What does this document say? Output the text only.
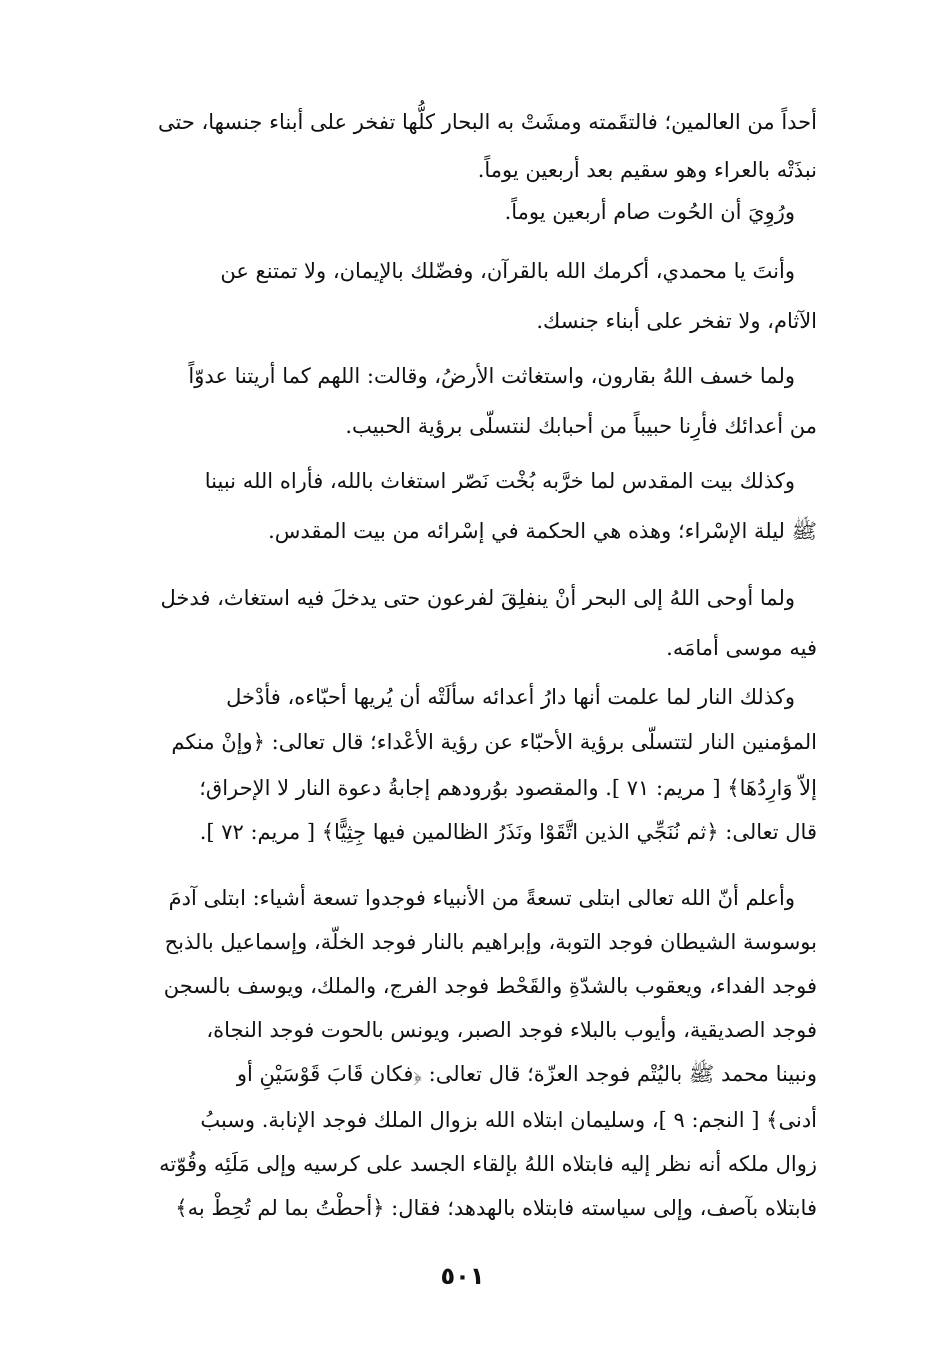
أحداً من العالمين؛ فالتقَمته ومشَتْ به البحار كلُّها تفخر على أبناء جنسها، حتى
نبذَتْه بالعراء وهو سقيم بعد أربعين يوماً.
ورُوِيَ أن الحُوت صام أربعين يوماً.
وأنتَ يا محمدي، أكرمك الله بالقرآن، وفضّلك بالإيمان، ولا تمتنع عن
الآثام، ولا تفخر على أبناء جنسك.
ولما خسف اللهُ بقارون، واستغاثت الأرضُ، وقالت: اللهم كما أريتنا عدوّاً
من أعدائك فأرِنا حبيباً من أحبابك لنتسلّى برؤية الحبيب.
وكذلك بيت المقدس لما خرَّبه بُخْت نَصّر استغاث بالله، فأراه الله نبينا
ﷺ ليلة الإسْراء؛ وهذه هي الحكمة في إسْرائه من بيت المقدس.
ولما أوحى اللهُ إلى البحر أنْ ينفلِقَ لفرعون حتى يدخلَ فيه استغاث، فدخل
فيه موسى أمامَه.
وكذلك النار لما علمت أنها دارُ أعدائه سألَتْه أن يُريها أحبّاءه، فأدْخل
المؤمنين النار لتتسلّى برؤية الأحبّاء عن رؤية الأعْداء؛ قال تعالى: ﴿وإنْ منكم
إلاّ وَارِدُهَا﴾ [ مريم: ٧١ ]. والمقصود بوُرودهم إجابةُ دعوة النار لا الإحراق؛
قال تعالى: ﴿ثم نُنَجِّي الذين اتَّقَوْا ونَذَرُ الظالمين فيها جِثِيًّا﴾ [ مريم: ٧٢ ].
وأعلم أنّ الله تعالى ابتلى تسعةً من الأنبياء فوجدوا تسعة أشياء: ابتلى آدمَ
بوسوسة الشيطان فوجد التوبة، وإبراهيم بالنار فوجد الخلّة، وإسماعيل بالذبح
فوجد الفداء، ويعقوب بالشدّةِ والقَحْط فوجد الفرج، والملك، ويوسف بالسجن
فوجد الصديقية، وأيوب بالبلاء فوجد الصبر، ويونس بالحوت فوجد النجاة،
ونبينا محمد ﷺ باليُتْم فوجد العزّة؛ قال تعالى: ﴿فكان قَابَ قَوْسَيْنِ أو
أدنى﴾ [ النجم: ٩ ]، وسليمان ابتلاه الله بزوال الملك فوجد الإنابة. وسببُ
زوال ملكه أنه نظر إليه فابتلاه اللهُ بإلقاء الجسد على كرسيه وإلى مَلَئِه وقُوّته
فابتلاه بآصف، وإلى سياسته فابتلاه بالهدهد؛ فقال: ﴿أحطْتُ بما لم تُحِطْ به﴾
٥٠١
